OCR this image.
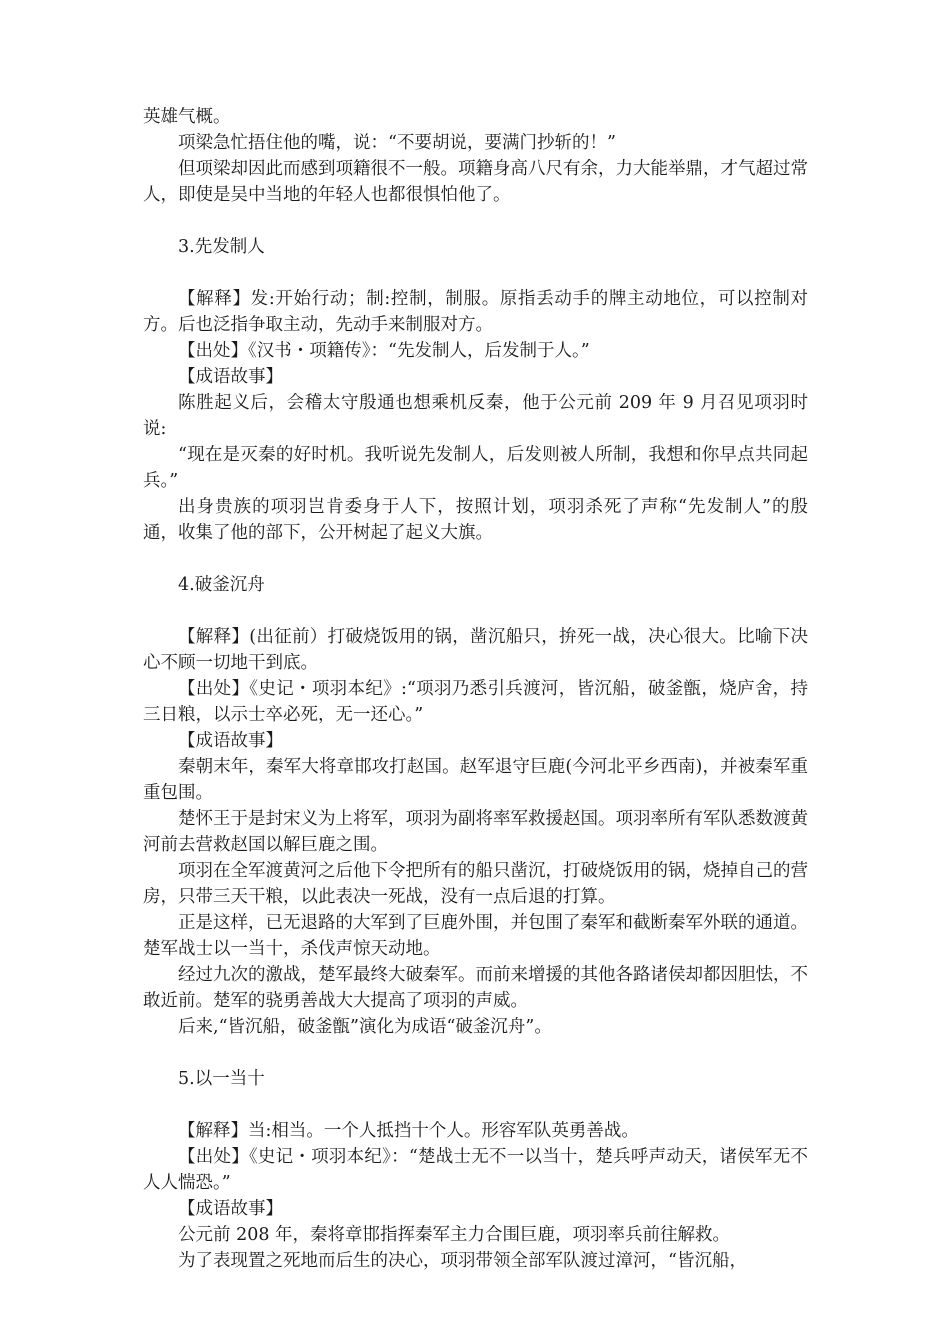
英雄气概。

项梁急忙捂住他的嘴，说：“不要胡说，要满门抄斩的！”

但项梁却因此而感到项籍很不一般。项籍身高八尺有余，力大能举鼎，才气超过常人，即使是吴中当地的年轻人也都很惧怕他了。

3.先发制人

【解释】发:开始行动；制:控制，制服。原指丢动手的牌主动地位，可以控制对方。后也泛指争取主动，先动手来制服对方。

【出处】《汉书・项籍传》：“先发制人，后发制于人。”

【成语故事】

陈胜起义后，会稽太守殷通也想乘机反秦，他于公元前 209 年 9 月召见项羽时说:

“现在是灭秦的好时机。我听说先发制人，后发则被人所制，我想和你早点共同起兵。”

出身贵族的项羽岂肯委身于人下，按照计划，项羽杀死了声称“先发制人”的殷通，收集了他的部下，公开树起了起义大旗。

4.破釜沉舟

【解释】(出征前）打破烧饭用的锅，凿沉船只，拚死一战，决心很大。比喻下决心不顾一切地干到底。

【出处】《史记・项羽本纪》:“项羽乃悉引兵渡河，皆沉船，破釜甑，烧庐舍，持三日粮，以示士卒必死，无一还心。”

【成语故事】

秦朝末年，秦军大将章邯攻打赵国。赵军退守巨鹿(今河北平乡西南)，并被秦军重重包围。

楚怀王于是封宋义为上将军，项羽为副将率军救援赵国。项羽率所有军队悉数渡黄河前去营救赵国以解巨鹿之围。

项羽在全军渡黄河之后他下令把所有的船只凿沉，打破烧饭用的锅，烧掉自己的营房，只带三天干粮，以此表决一死战，没有一点后退的打算。

正是这样，已无退路的大军到了巨鹿外围，并包围了秦军和截断秦军外联的通道。楚军战士以一当十，杀伐声惊天动地。

经过九次的激战，楚军最终大破秦军。而前来增援的其他各路诸侯却都因胆怯，不敢近前。楚军的骁勇善战大大提高了项羽的声威。

后来,“皆沉船，破釜甑”演化为成语“破釜沉舟”。

5.以一当十

【解释】当:相当。一个人抵挡十个人。形容军队英勇善战。

【出处】《史记・项羽本纪》：“楚战士无不一以当十，楚兵呼声动天，诸侯军无不人人惴恐。”

【成语故事】

公元前 208 年，秦将章邯指挥秦军主力合围巨鹿，项羽率兵前往解救。

为了表现置之死地而后生的决心，项羽带领全部军队渡过漳河，“皆沉船，
